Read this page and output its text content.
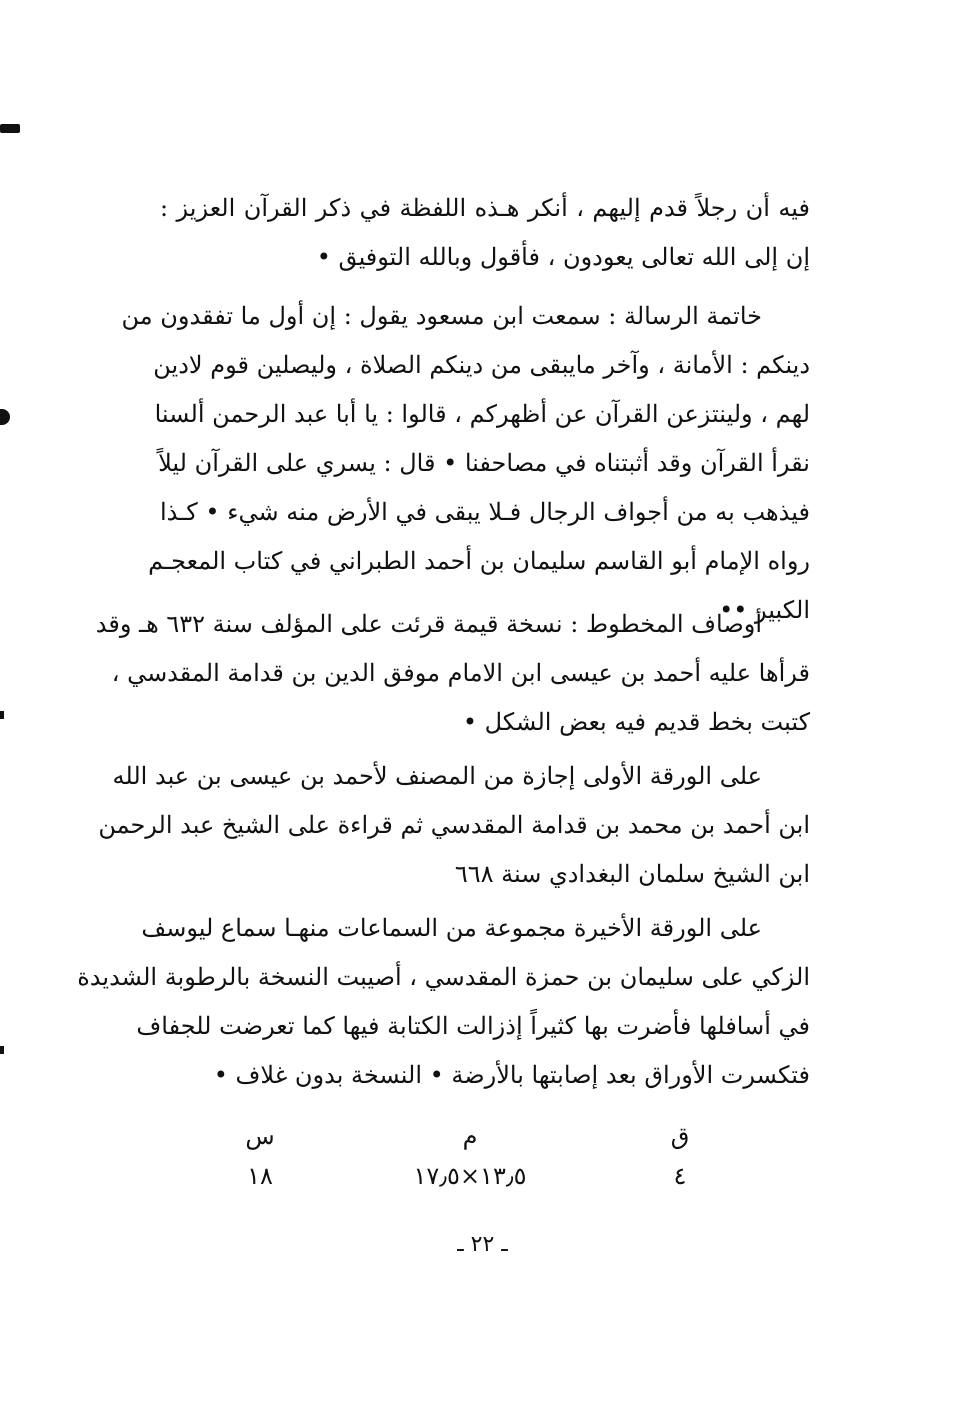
فيه أن رجلاً قدم إليهم ، أنكر هـذه اللفظة في ذكر القرآن العزيز :
إن إلى الله تعالى يعودون ، فأقول وبالله التوفيق •
خاتمة الرسالة : سمعت ابن مسعود يقول : إن أول ما تفقدون من
دينكم : الأمانة ، وآخر مايبقى من دينكم الصلاة ، وليصلين قوم لادين
لهم ، ولينتزعن القرآن عن أظهركم ، قالوا : يا أبا عبد الرحمن ألسنا
نقرأ القرآن وقد أثبتناه في مصاحفنا • قال : يسري على القرآن ليلاً
فيذهب به من أجواف الرجال فـلا يبقى في الأرض منه شيء • كـذا
رواه الإمام أبو القاسم سليمان بن أحمد الطبراني في كتاب المعجـم
الكبير ••
أوصاف المخطوط : نسخة قيمة قرئت على المؤلف سنة ٦٣٢ هـ وقد
قرأها عليه أحمد بن عيسى ابن الامام موفق الدين بن قدامة المقدسي ،
كتبت بخط قديم فيه بعض الشكل •
على الورقة الأولى إجازة من المصنف لأحمد بن عيسى بن عبد الله
ابن أحمد بن محمد بن قدامة المقدسي ثم قراءة على الشيخ عبد الرحمن
ابن الشيخ سلمان البغدادي سنة ٦٦٨
على الورقة الأخيرة مجموعة من السماعات منهـا سماع ليوسف
الزكي على سليمان بن حمزة المقدسي ، أصيبت النسخة بالرطوبة الشديدة
في أسافلها فأضرت بها كثيراً إذزالت الكتابة فيها كما تعرضت للجفاف
فتكسرت الأوراق بعد إصابتها بالأرضة • النسخة بدون غلاف •
ق
م
س
٤
١٣٫٥×١٧٫٥
١٨
ـ ٢٢ ـ
